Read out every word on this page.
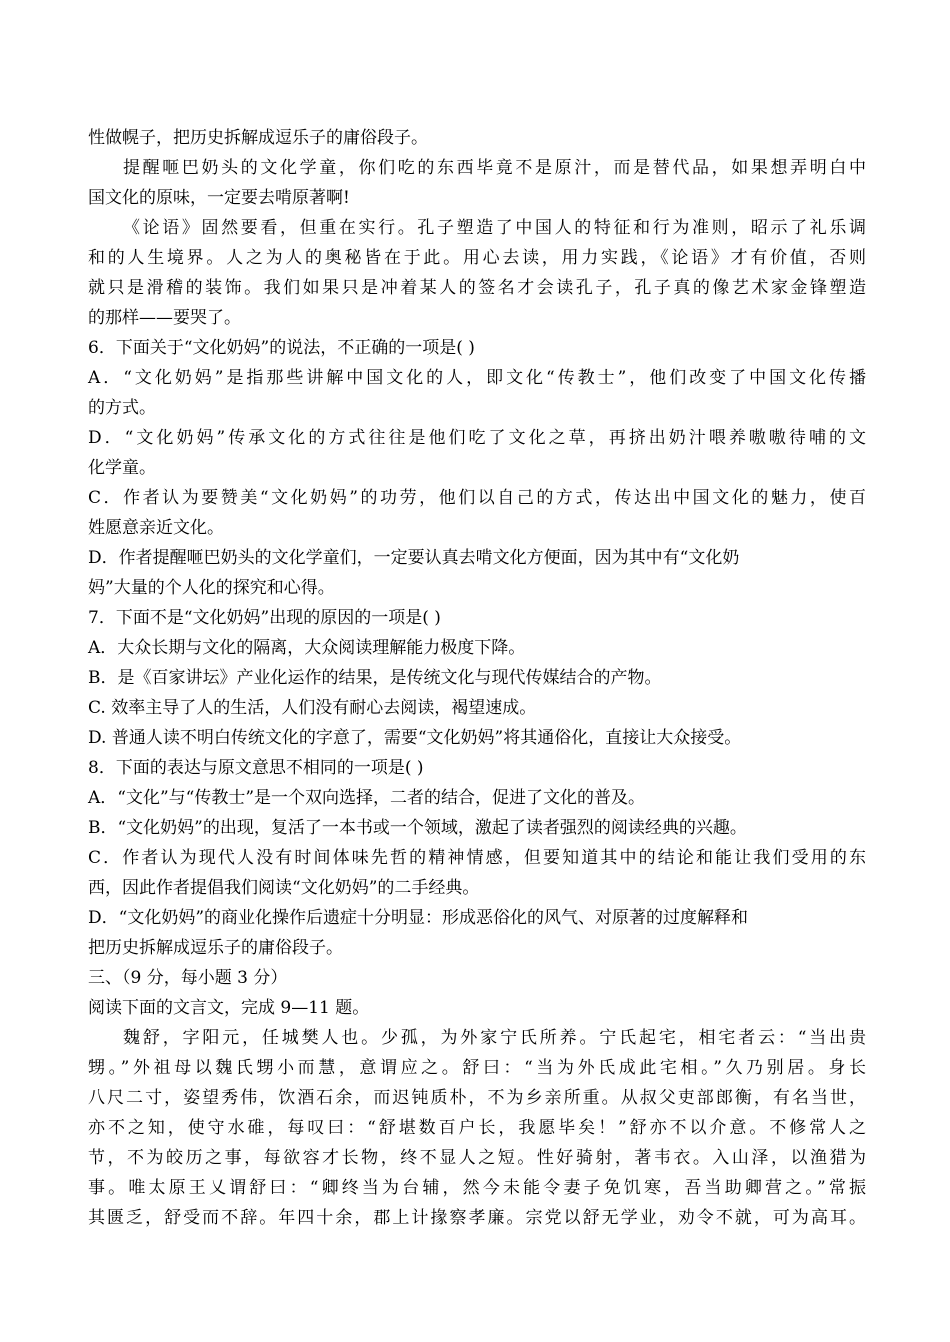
性做幌子，把历史拆解成逗乐子的庸俗段子。
提醒咂巴奶头的文化学童，你们吃的东西毕竟不是原汁，而是替代品，如果想弄明白中
国文化的原味，一定要去啃原著啊!
《论语》固然要看，但重在实行。孔子塑造了中国人的特征和行为准则，昭示了礼乐调
和的人生境界。人之为人的奥秘皆在于此。用心去读，用力实践，《论语》才有价值，否则
就只是滑稽的装饰。我们如果只是冲着某人的签名才会读孔子，孔子真的像艺术家金锋塑造
的那样——要哭了。
6．下面关于“文化奶妈”的说法，不正确的一项是( )
A．“文化奶妈”是指那些讲解中国文化的人，即文化“传教士”，他们改变了中国文化传播
的方式。
D．“文化奶妈”传承文化的方式往往是他们吃了文化之草，再挤出奶汁喂养嗷嗷待哺的文
化学童。
C．作者认为要赞美“文化奶妈”的功劳，他们以自己的方式，传达出中国文化的魅力，使百
姓愿意亲近文化。
D．作者提醒咂巴奶头的文化学童们，一定要认真去啃文化方便面，因为其中有“文化奶
妈”大量的个人化的探究和心得。
7．下面不是“文化奶妈”出现的原因的一项是( )
A．大众长期与文化的隔离，大众阅读理解能力极度下降。
B．是《百家讲坛》产业化运作的结果，是传统文化与现代传媒结合的产物。
C. 效率主导了人的生活，人们没有耐心去阅读，褐望速成。
D. 普通人读不明白传统文化的字意了，需要“文化奶妈”将其通俗化，直接让大众接受。
8．下面的表达与原文意思不相同的一项是( )
A．“文化”与“传教士”是一个双向选择，二者的结合，促进了文化的普及。
B．“文化奶妈”的出现，复活了一本书或一个领域，激起了读者强烈的阅读经典的兴趣。
C．作者认为现代人没有时间体味先哲的精神情感，但要知道其中的结论和能让我们受用的东
西，因此作者提倡我们阅读“文化奶妈”的二手经典。
D．“文化奶妈”的商业化操作后遗症十分明显：形成恶俗化的风气、对原著的过度解释和
把历史拆解成逗乐子的庸俗段子。
三、（9 分，每小题 3 分）
阅读下面的文言文，完成 9—11 题。
魏舒，字阳元，任城樊人也。少孤，为外家宁氏所养。宁氏起宅，相宅者云：“当出贵
甥。”外祖母以魏氏甥小而慧，意谓应之。舒曰：“当为外氏成此宅相。”久乃别居。身长
八尺二寸，姿望秀伟，饮酒石余，而迟钝质朴，不为乡亲所重。从叔父吏部郎衡，有名当世，
亦不之知，使守水碓，每叹曰：“舒堪数百户长，我愿毕矣！”舒亦不以介意。不修常人之
节，不为皎历之事，每欲容才长物，终不显人之短。性好骑射，著韦衣。入山泽，以渔猎为
事。唯太原王乂谓舒曰：“卿终当为台辅，然今未能令妻子免饥寒，吾当助卿营之。”常振
其匮乏，舒受而不辞。年四十余，郡上计掾察孝廉。宗党以舒无学业，劝令不就，可为高耳。
